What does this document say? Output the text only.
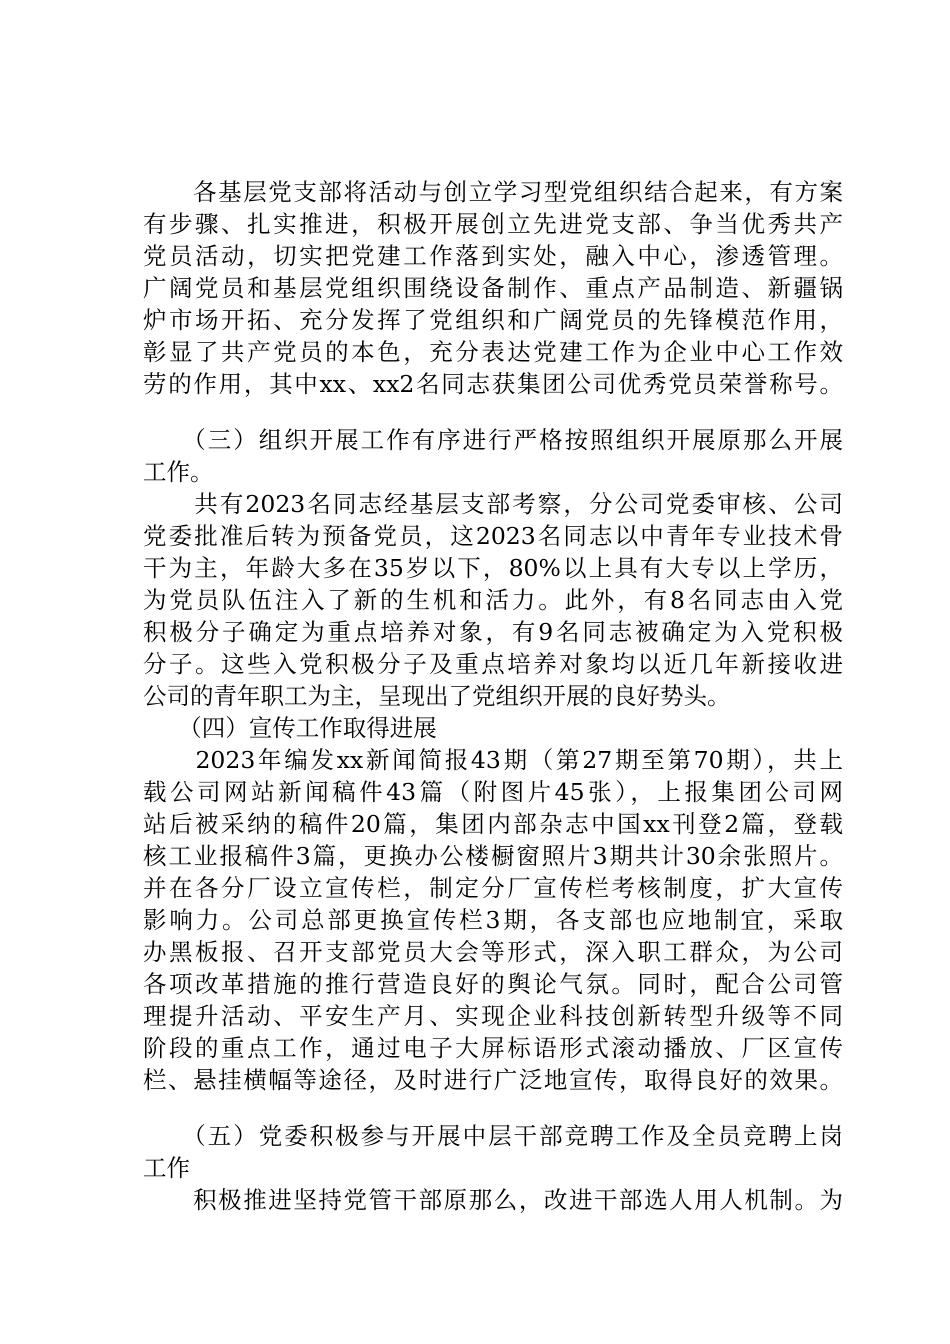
　　各基层党支部将活动与创立学习型党组织结合起来，有方案
有步骤、扎实推进，积极开展创立先进党支部、争当优秀共产
党员活动，切实把党建工作落到实处，融入中心，渗透管理。
广阔党员和基层党组织围绕设备制作、重点产品制造、新疆锅
炉市场开拓、充分发挥了党组织和广阔党员的先锋模范作用，
彰显了共产党员的本色，充分表达党建工作为企业中心工作效
劳的作用，其中xx、xx2名同志获集团公司优秀党员荣誉称号。
　　（三）组织开展工作有序进行严格按照组织开展原那么开展
工作。
　　共有2023名同志经基层支部考察，分公司党委审核、公司
党委批准后转为预备党员，这2023名同志以中青年专业技术骨
干为主，年龄大多在35岁以下，80%以上具有大专以上学历，
为党员队伍注入了新的生机和活力。此外，有8名同志由入党
积极分子确定为重点培养对象，有9名同志被确定为入党积极
分子。这些入党积极分子及重点培养对象均以近几年新接收进
公司的青年职工为主，呈现出了党组织开展的良好势头。
　　（四）宣传工作取得进展
　　2023年编发xx新闻简报43期（第27期至第70期），共上
载公司网站新闻稿件43篇（附图片45张），上报集团公司网
站后被采纳的稿件20篇，集团内部杂志中国xx刊登2篇，登载
核工业报稿件3篇，更换办公楼橱窗照片3期共计30余张照片。
并在各分厂设立宣传栏，制定分厂宣传栏考核制度，扩大宣传
影响力。公司总部更换宣传栏3期，各支部也应地制宜，采取
办黑板报、召开支部党员大会等形式，深入职工群众，为公司
各项改革措施的推行营造良好的舆论气氛。同时，配合公司管
理提升活动、平安生产月、实现企业科技创新转型升级等不同
阶段的重点工作，通过电子大屏标语形式滚动播放、厂区宣传
栏、悬挂横幅等途径，及时进行广泛地宣传，取得良好的效果。
　　（五）党委积极参与开展中层干部竞聘工作及全员竞聘上岗
工作
　　积极推进坚持党管干部原那么，改进干部选人用人机制。为
